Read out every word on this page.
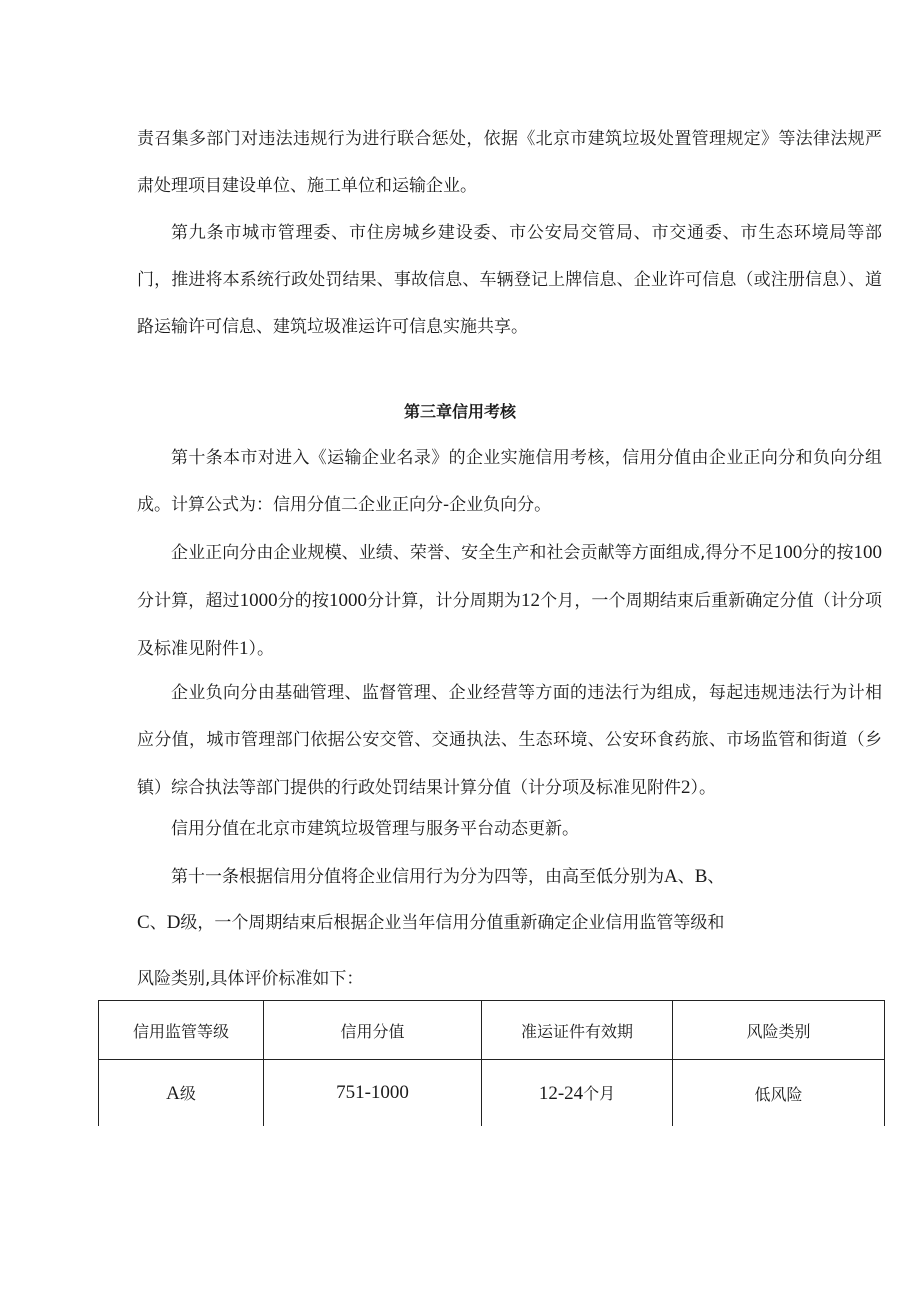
责召集多部门对违法违规行为进行联合惩处，依据《北京市建筑垃圾处置管理规定》等法律法规严肃处理项目建设单位、施工单位和运输企业。

第九条市城市管理委、市住房城乡建设委、市公安局交管局、市交通委、市生态环境局等部门，推进将本系统行政处罚结果、事故信息、车辆登记上牌信息、企业许可信息（或注册信息）、道路运输许可信息、建筑垃圾准运许可信息实施共享。

第三章信用考核

第十条本市对进入《运输企业名录》的企业实施信用考核，信用分值由企业正向分和负向分组成。计算公式为：信用分值二企业正向分-企业负向分。

企业正向分由企业规模、业绩、荣誉、安全生产和社会贡献等方面组成,得分不足100分的按100分计算，超过1000分的按1000分计算，计分周期为12个月，一个周期结束后重新确定分值（计分项及标准见附件1）。

企业负向分由基础管理、监督管理、企业经营等方面的违法行为组成，每起违规违法行为计相应分值，城市管理部门依据公安交管、交通执法、生态环境、公安环食药旅、市场监管和街道（乡镇）综合执法等部门提供的行政处罚结果计算分值（计分项及标准见附件2）。

信用分值在北京市建筑垃圾管理与服务平台动态更新。

第十一条根据信用分值将企业信用行为分为四等，由高至低分别为A、B、

C、D级，一个周期结束后根据企业当年信用分值重新确定企业信用监管等级和

风险类别,具体评价标准如下：

信用监管等级	信用分值	准运证件有效期	风险类别
A级	751-1000	12-24个月	低风险
